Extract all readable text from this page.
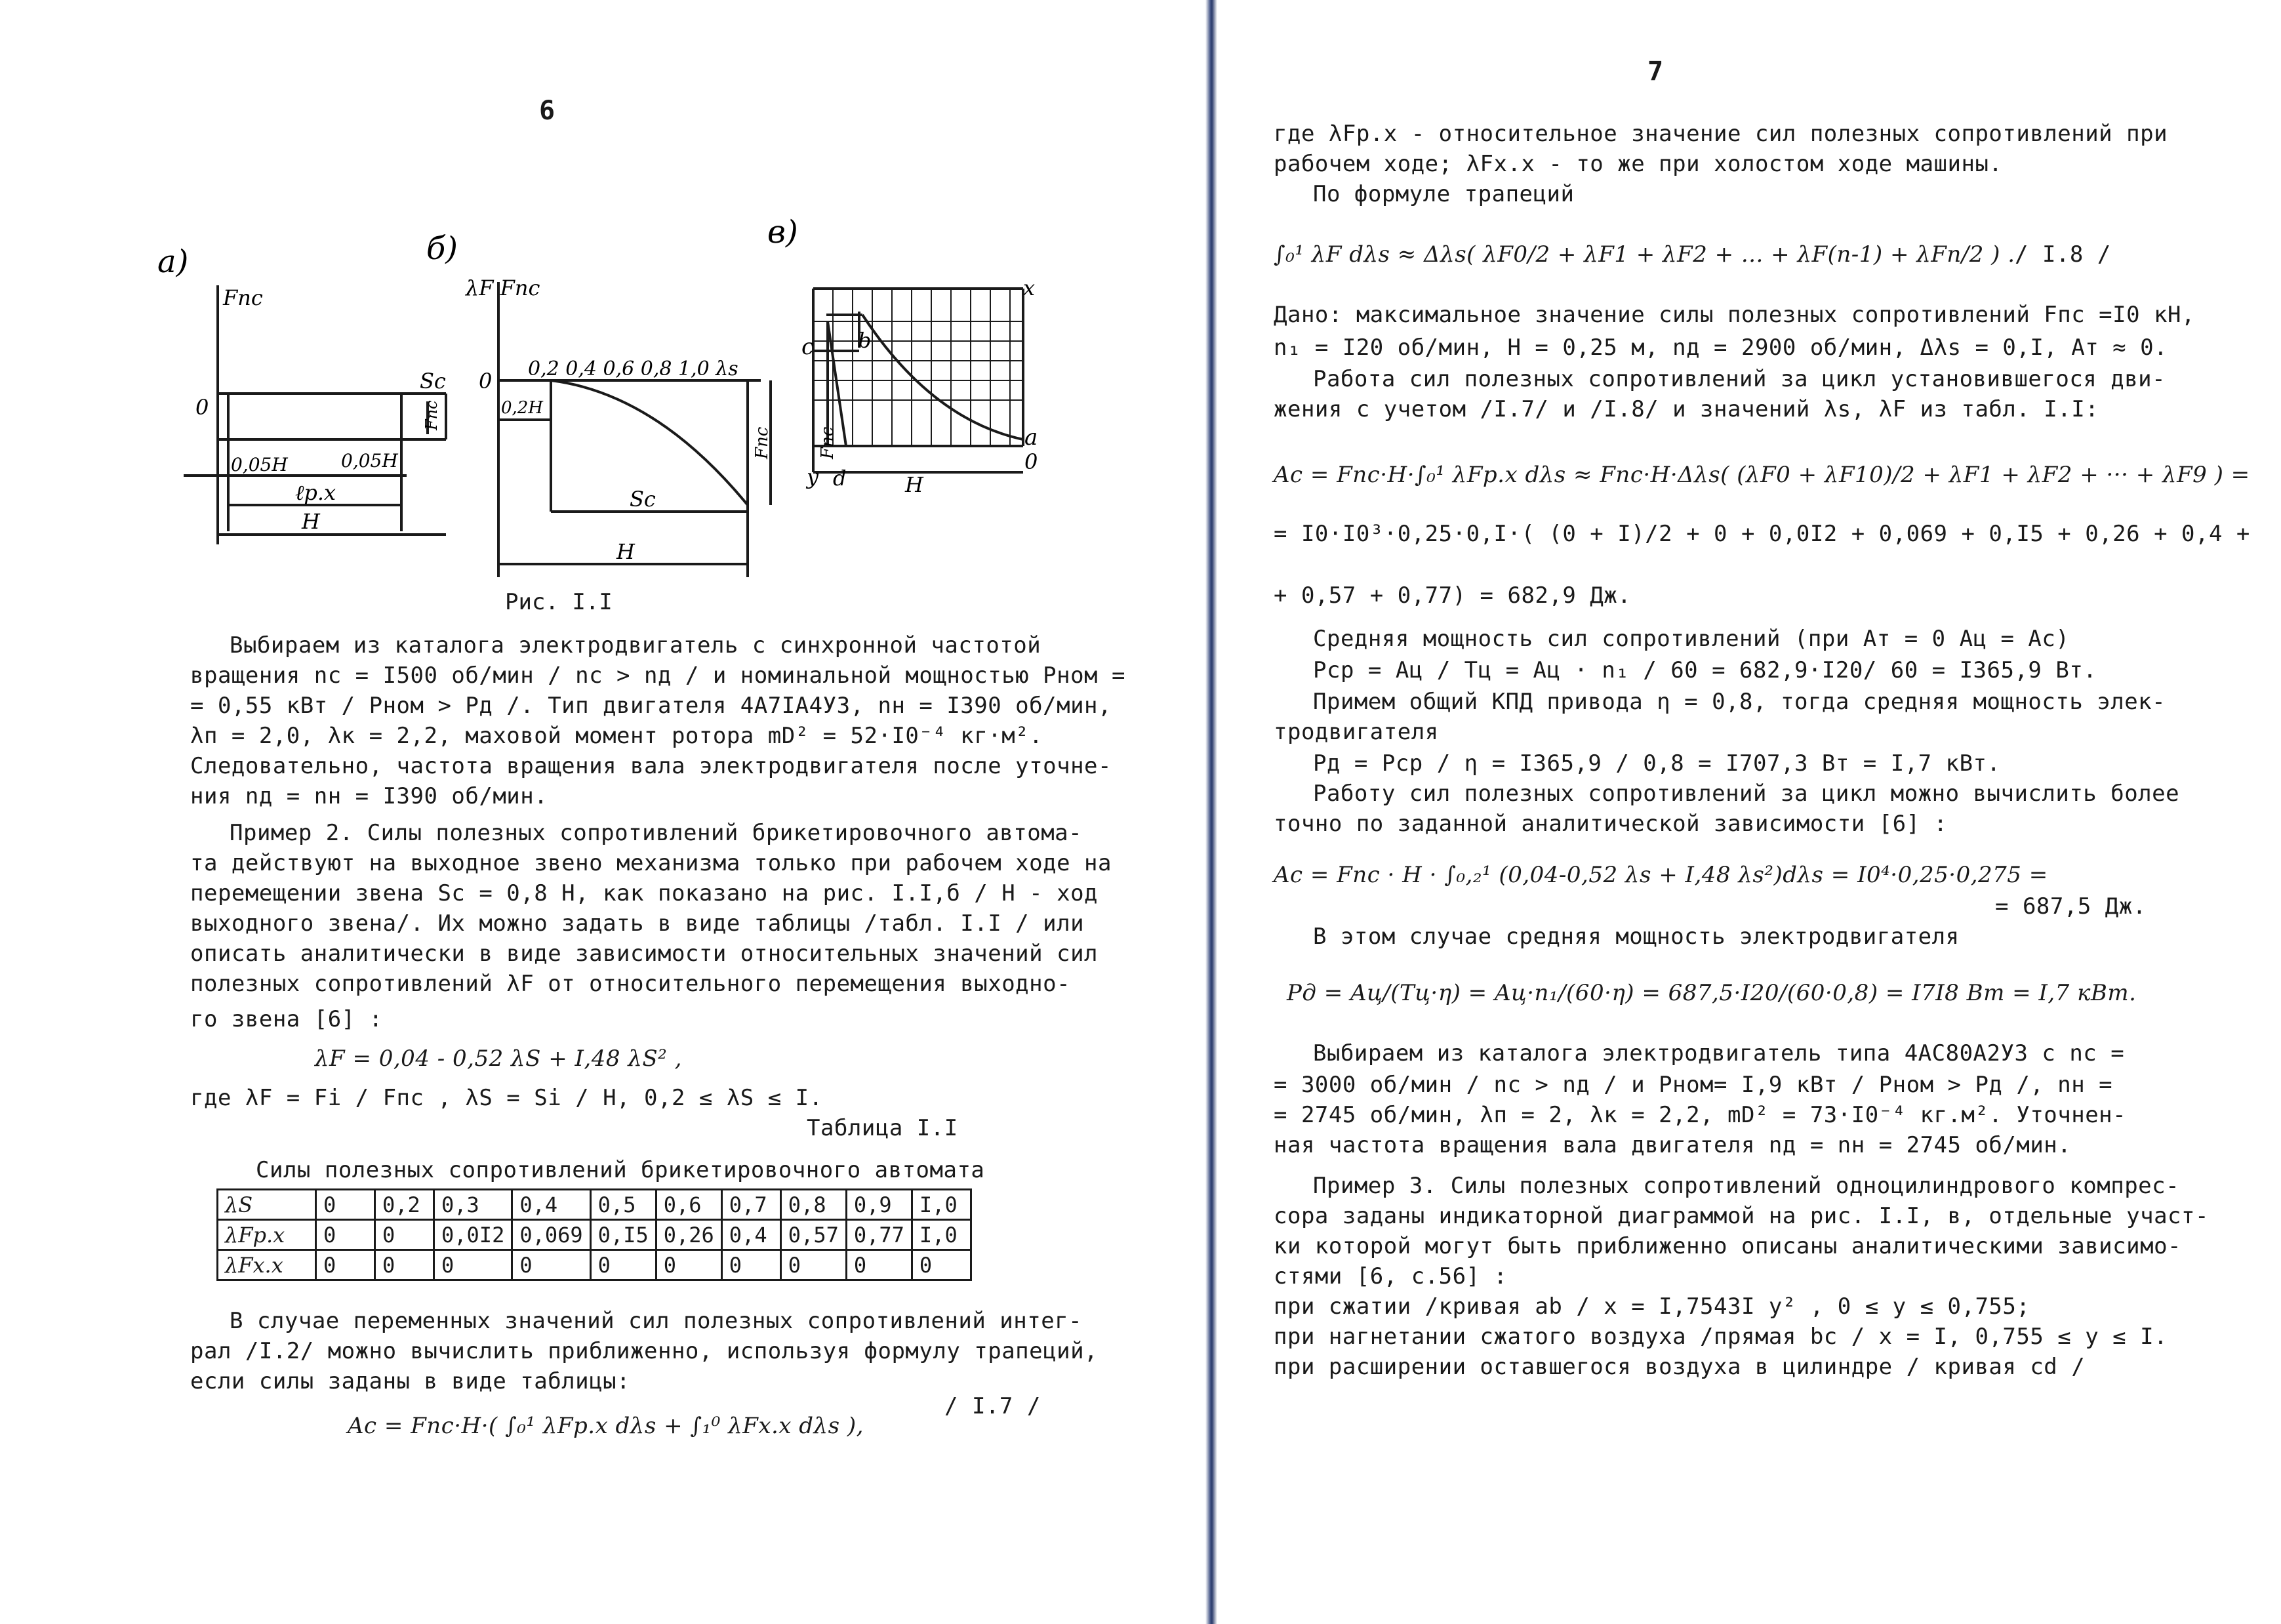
6
а)
Fпс
0
Sc
Fпс
0,05H	0,05H
ℓр.х
H
б)
λF Fпс
0 0,2 0,4 0,6 0,8 1,0 λs
0,2H
Sc
H
Fпс
в)
x
c b
Fпс
y d	H
a
0
Рис. I.I
Выбираем из каталога электродвигатель с синхронной частотой
вращения nc = I500 об/мин / nc > nд / и номинальной мощностью Pном =
= 0,55 кВт / Pном > Pд /. Тип двигателя 4А7IА4УЗ, nн = I390 об/мин,
λп = 2,0, λк = 2,2, маховой момент ротора mD² = 52·I0⁻⁴ кг·м².
Следовательно, частота вращения вала электродвигателя после уточне-
ния nд = nн = I390 об/мин.
Пример 2. Силы полезных сопротивлений брикетировочного автома-
та действуют на выходное звено механизма только при рабочем ходе на
перемещении звена Sc = 0,8 H, как показано на рис. I.I,б / H - ход
выходного звена/. Их можно задать в виде таблицы /табл. I.I / или
описать аналитически в виде зависимости относительных значений сил
полезных сопротивлений λF от относительного перемещения выходно-
го звена [6] :
λF = 0,04 - 0,52 λS + I,48 λS² ,
где λF = Fi / Fпс , λS = Si / H, 0,2 ≤ λS ≤ I.
Таблица I.I
Силы полезных сопротивлений брикетировочного автомата
λS	0	0,2	0,3	0,4	0,5	0,6	0,7	0,8	0,9	I,0
λFр.х	0	0	0,0I2	0,069	0,I5	0,26	0,4	0,57	0,77	I,0
λFх.х	0	0	0	0	0	0	0	0	0	0
В случае переменных значений сил полезных сопротивлений интег-
рал /I.2/ можно вычислить приближенно, используя формулу трапеций,
если силы заданы в виде таблицы:
Ac = Fпс·H·( ∫₀¹ λFр.х dλs + ∫₁⁰ λFх.х dλs ),
/ I.7 /
7
где λFр.х - относительное значение сил полезных сопротивлений при
рабочем ходе; λFх.х - то же при холостом ходе машины.
По формуле трапеций
∫₀¹ λF dλs ≈ Δλs( λF0/2 + λF1 + λF2 + ... + λF(n-1) + λFn/2 ) . / I.8 /
Дано: максимальное значение силы полезных сопротивлений Fпс =I0 кН,
n₁ = I20 об/мин, H = 0,25 м, nд = 2900 об/мин, Δλs = 0,I, Aт ≈ 0.
Работа сил полезных сопротивлений за цикл установившегося дви-
жения с учетом /I.7/ и /I.8/ и значений λs, λF из табл. I.I:
Ac = Fпс·H·∫₀¹ λFр.х dλs ≈ Fпс·H·Δλs( (λF0 + λF10)/2 + λF1 + λF2 + ··· + λF9 ) =
= I0·I0³·0,25·0,I·( (0 + I)/2 + 0 + 0,0I2 + 0,069 + 0,I5 + 0,26 + 0,4 +
+ 0,57 + 0,77) = 682,9 Дж.
Средняя мощность сил сопротивлений (при Aт = 0 Aц = Ac)
Pср = Aц / Tц = Aц · n₁ / 60 = 682,9·I20/ 60 = I365,9 Вт.
Примем общий КПД привода η = 0,8, тогда средняя мощность элек-
тродвигателя
Pд = Pср / η = I365,9 / 0,8 = I707,3 Вт = I,7 кВт.
Работу сил полезных сопротивлений за цикл можно вычислить более
точно по заданной аналитической зависимости [6] :
Ac = Fпс · H · ∫₀,₂¹ (0,04-0,52 λs + I,48 λs²)dλs = I0⁴·0,25·0,275 =
= 687,5 Дж.
В этом случае средняя мощность электродвигателя
Pд = Aц/(Tц·η) = Aц·n₁/(60·η) = 687,5·I20/(60·0,8) = I7I8 Вт = I,7 кВт.
Выбираем из каталога электродвигатель типа 4АС80А2УЗ с nc =
= 3000 об/мин / nc > nд / и Pном= I,9 кВт / Pном > Pд /, nн =
= 2745 об/мин, λп = 2, λк = 2,2, mD² = 73·I0⁻⁴ кг.м². Уточнен-
ная частота вращения вала двигателя nд = nн = 2745 об/мин.
Пример 3. Силы полезных сопротивлений одноцилиндрового компрес-
сора заданы индикаторной диаграммой на рис. I.I, в, отдельные участ-
ки которой могут быть приближенно описаны аналитическими зависимо-
стями [6, с.56] :
при сжатии /кривая ab / x = I,7543I y² , 0 ≤ y ≤ 0,755;
при нагнетании сжатого воздуха /прямая bc / x = I, 0,755 ≤ y ≤ I.
при расширении оставшегося воздуха в цилиндре / кривая cd /
